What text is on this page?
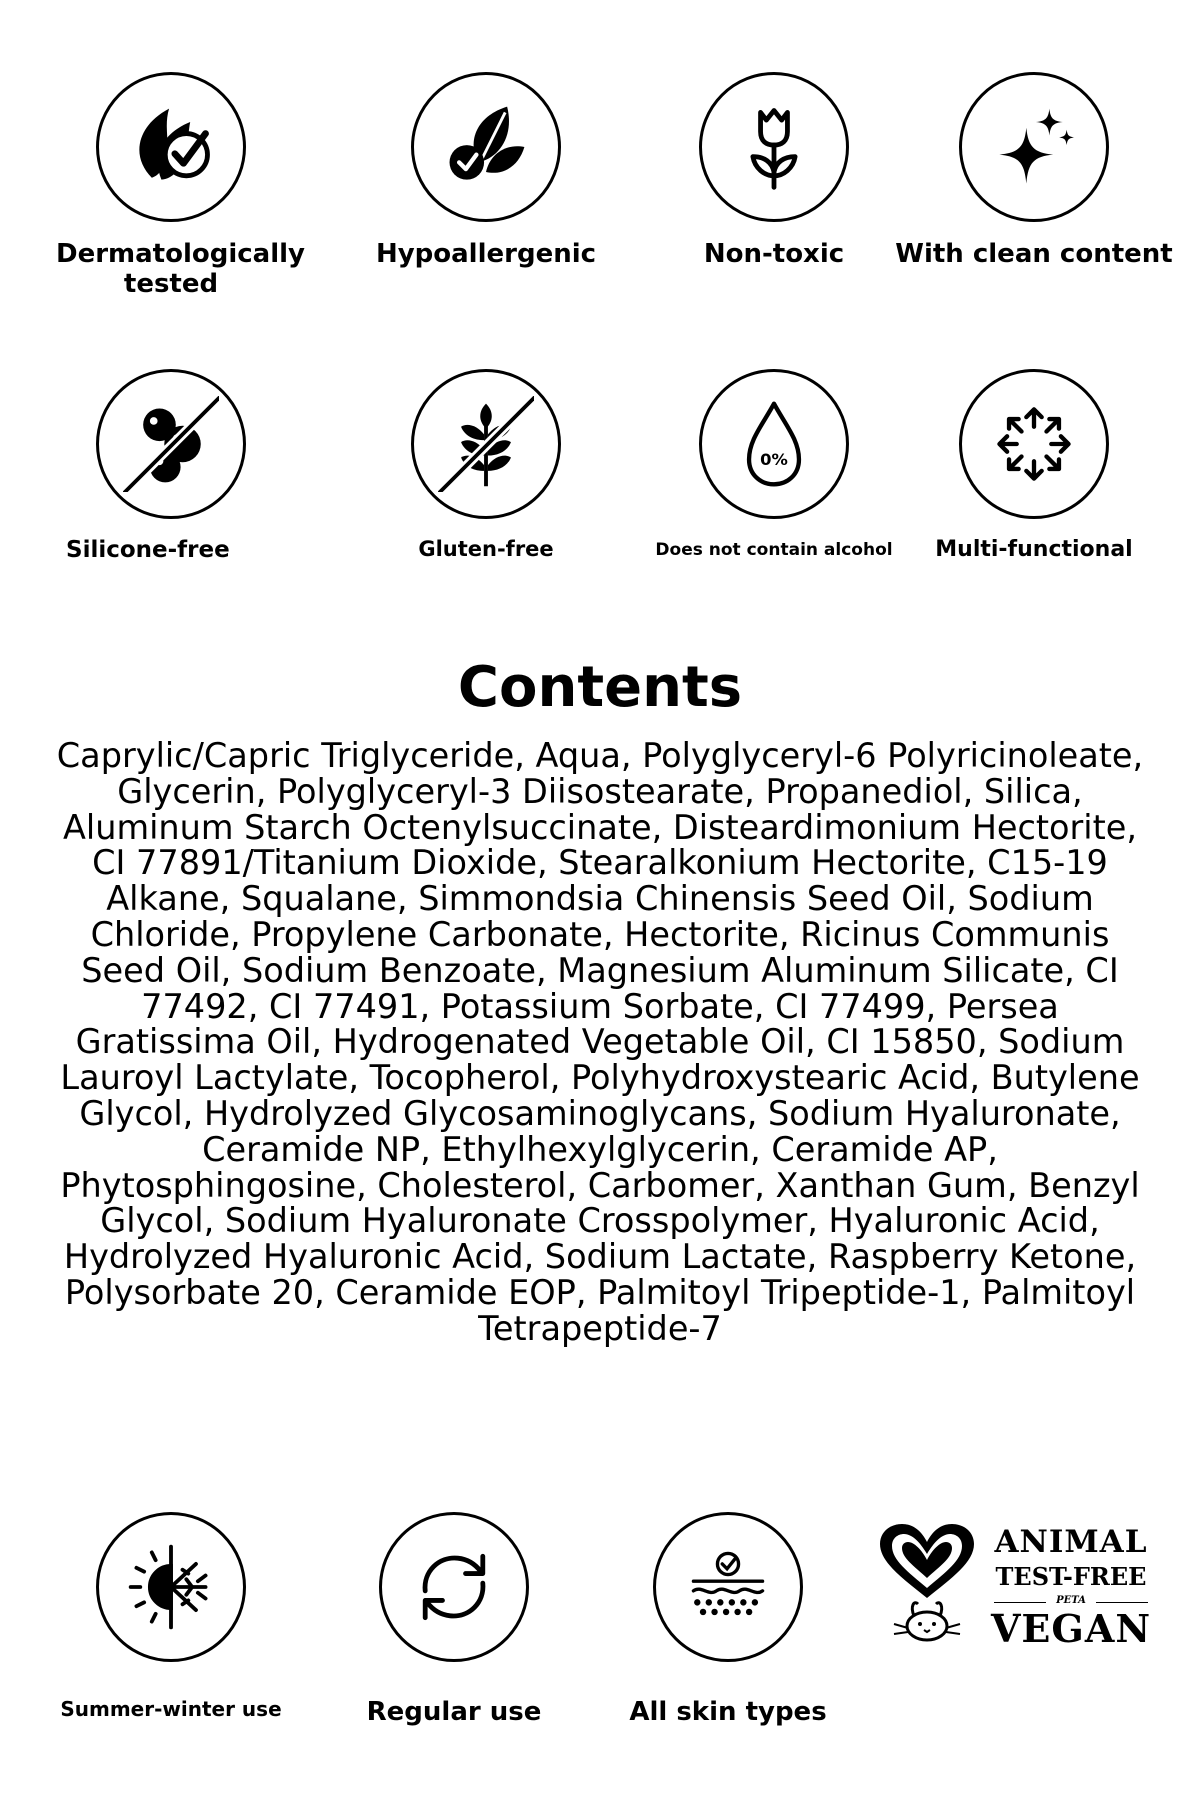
Dermatologically tested
Hypoallergenic	Non-toxic	With clean content
Silicone-free	Gluten-free
0%
Does not contain alcohol	Multi-functional
Contents
Caprylic/Capric Triglyceride, Aqua, Polyglyceryl-6 Polyricinoleate, Glycerin, Polyglyceryl-3 Diisostearate, Propanediol, Silica, Aluminum Starch Octenylsuccinate, Disteardimonium Hectorite, CI 77891/Titanium Dioxide, Stearalkonium Hectorite, C15-19 Alkane, Squalane, Simmondsia Chinensis Seed Oil, Sodium Chloride, Propylene Carbonate, Hectorite, Ricinus Communis Seed Oil, Sodium Benzoate, Magnesium Aluminum Silicate, CI 77492, CI 77491, Potassium Sorbate, CI 77499, Persea Gratissima Oil, Hydrogenated Vegetable Oil, CI 15850, Sodium Lauroyl Lactylate, Tocopherol, Polyhydroxystearic Acid, Butylene Glycol, Hydrolyzed Glycosaminoglycans, Sodium Hyaluronate, Ceramide NP, Ethylhexylglycerin, Ceramide AP, Phytosphingosine, Cholesterol, Carbomer, Xanthan Gum, Benzyl Glycol, Sodium Hyaluronate Crosspolymer, Hyaluronic Acid, Hydrolyzed Hyaluronic Acid, Sodium Lactate, Raspberry Ketone, Polysorbate 20, Ceramide EOP, Palmitoyl Tripeptide-1, Palmitoyl Tetrapeptide-7
Summer-winter use	Regular use	All skin types
ANIMAL
TEST-FREE
PETA
VEGAN
